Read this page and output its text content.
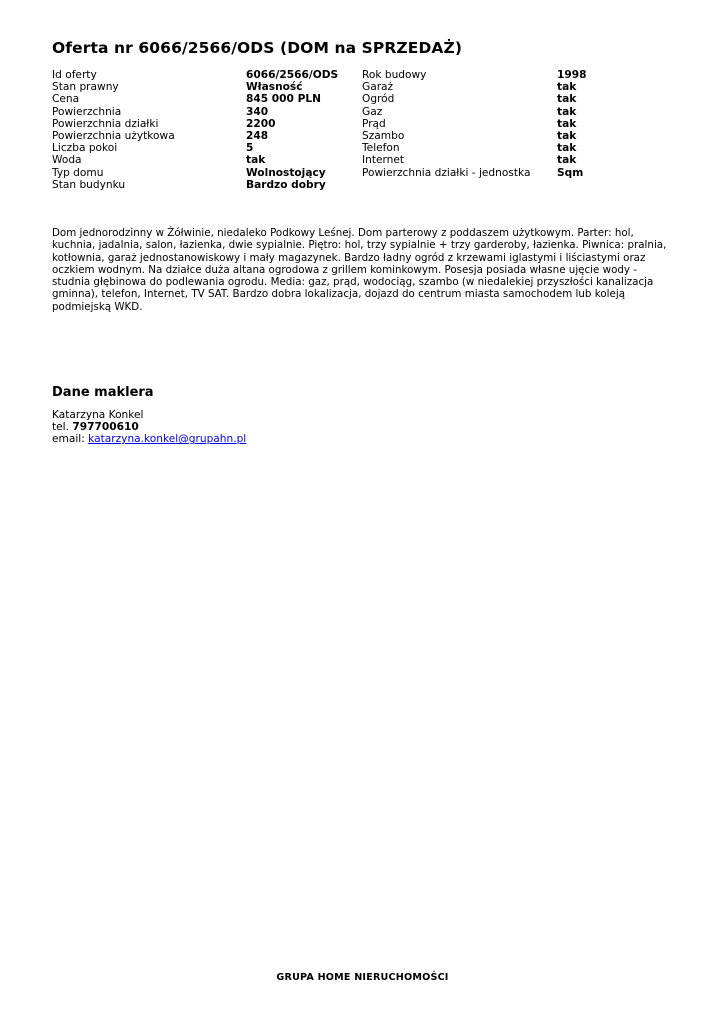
Oferta nr 6066/2566/ODS (DOM na SPRZEDAŻ)
Id oferty
Stan prawny
Cena
Powierzchnia
Powierzchnia działki
Powierzchnia użytkowa
Liczba pokoi
Woda
Typ domu
Stan budynku
6066/2566/ODS
Własność
845 000 PLN
340
2200
248
5
tak
Wolnostojący
Bardzo dobry
Rok budowy
Garaż
Ogród
Gaz
Prąd
Szambo
Telefon
Internet
Powierzchnia działki - jednostka
1998
tak
tak
tak
tak
tak
tak
tak
Sqm

Dom jednorodzinny w Żółwinie, niedaleko Podkowy Leśnej. Dom parterowy z poddaszem użytkowym. Parter: hol, kuchnia, jadalnia, salon, łazienka, dwie sypialnie. Piętro: hol, trzy sypialnie + trzy garderoby, łazienka. Piwnica: pralnia, kotłownia, garaż jednostanowiskowy i mały magazynek. Bardzo ładny ogród z krzewami iglastymi i liściastymi oraz oczkiem wodnym. Na działce duża altana ogrodowa z grillem kominkowym. Posesja posiada własne ujęcie wody - studnia głębinowa do podlewania ogrodu. Media: gaz, prąd, wodociąg, szambo (w niedalekiej przyszłości kanalizacja gminna), telefon, Internet, TV SAT. Bardzo dobra lokalizacja, dojazd do centrum miasta samochodem lub koleją podmiejską WKD.

Dane maklera
Katarzyna Konkel
tel. 797700610
email: katarzyna.konkel@grupahn.pl
GRUPA HOME NIERUCHOMOŚCI
